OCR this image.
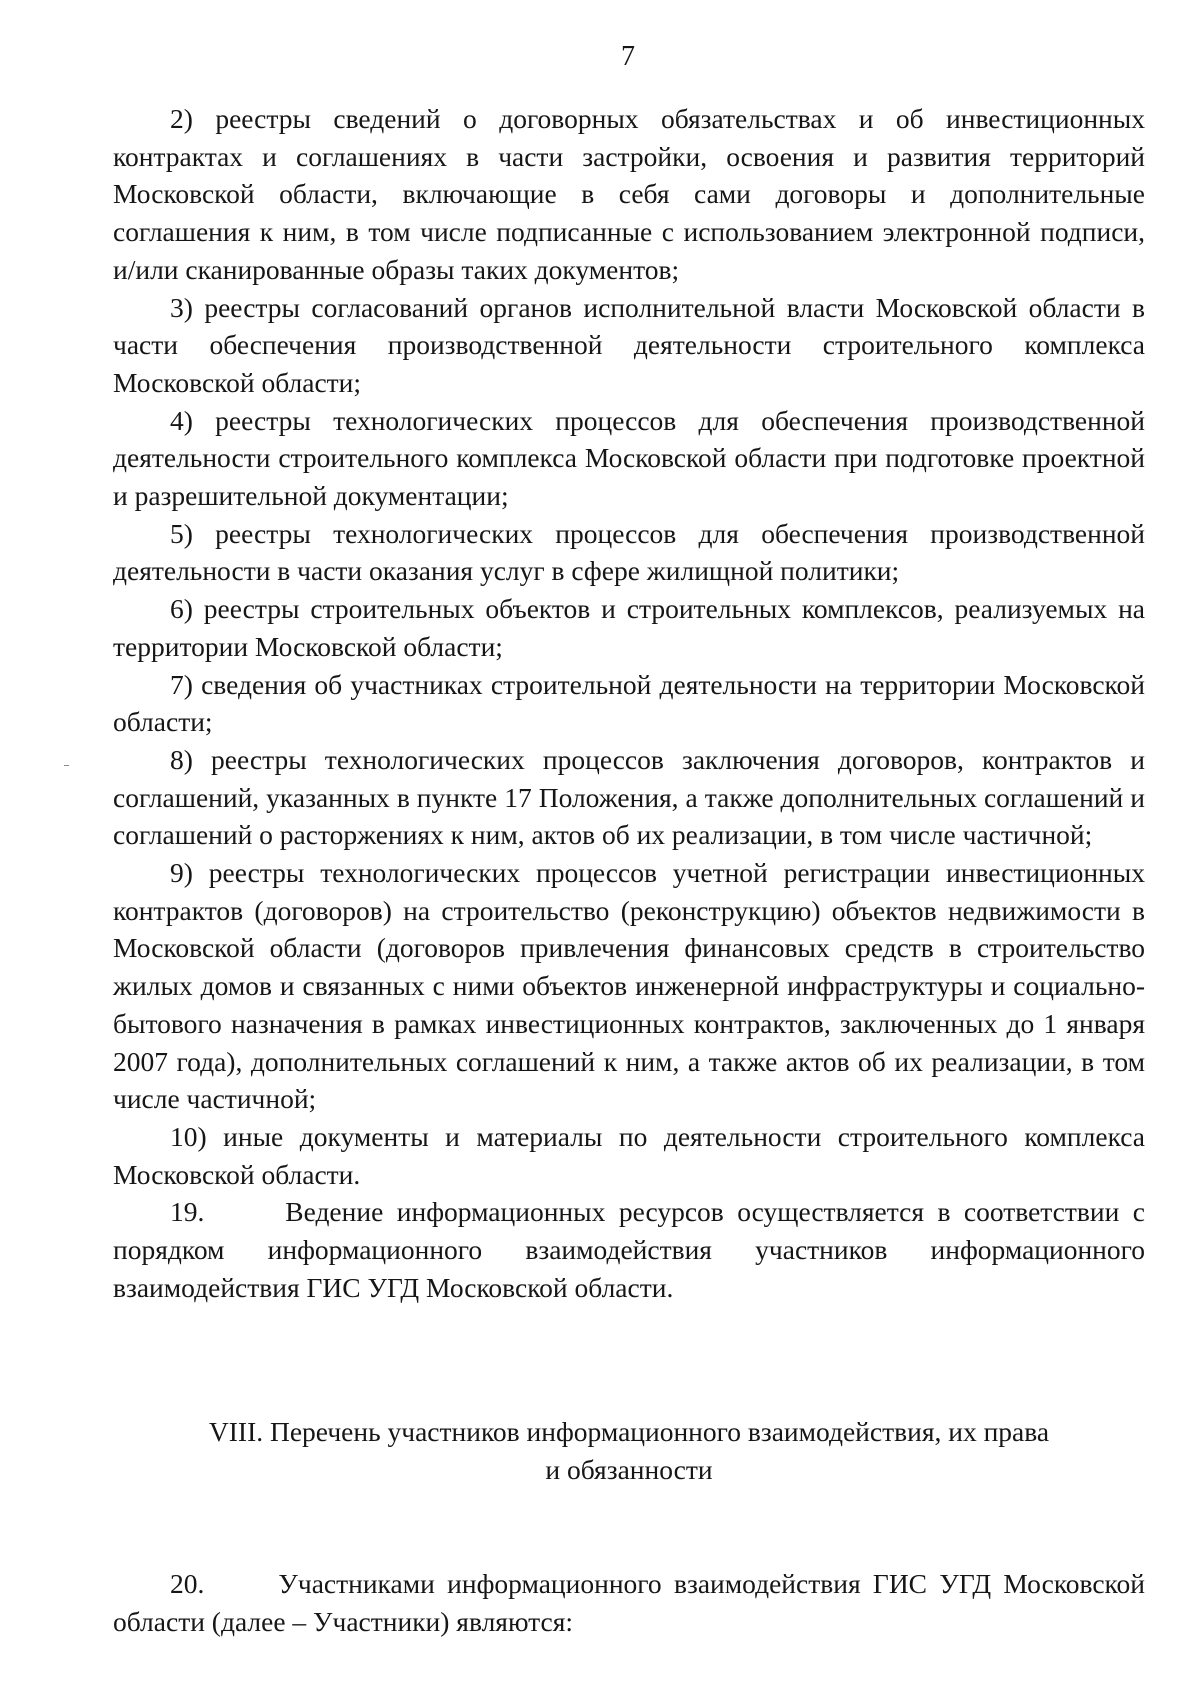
7

2) реестры сведений о договорных обязательствах и об инвестиционных контрактах и соглашениях в части застройки, освоения и развития территорий Московской области, включающие в себя сами договоры и дополнительные соглашения к ним, в том числе подписанные с использованием электронной подписи, и/или сканированные образы таких документов;

3) реестры согласований органов исполнительной власти Московской области в части обеспечения производственной деятельности строительного комплекса Московской области;

4) реестры технологических процессов для обеспечения производственной деятельности строительного комплекса Московской области при подготовке проектной и разрешительной документации;

5) реестры технологических процессов для обеспечения производственной деятельности в части оказания услуг в сфере жилищной политики;

6) реестры строительных объектов и строительных комплексов, реализуемых на территории Московской области;

7) сведения об участниках строительной деятельности на территории Московской области;

8) реестры технологических процессов заключения договоров, контрактов и соглашений, указанных в пункте 17 Положения, а также дополнительных соглашений и соглашений о расторжениях к ним, актов об их реализации, в том числе частичной;

9) реестры технологических процессов учетной регистрации инвестиционных контрактов (договоров) на строительство (реконструкцию) объектов недвижимости в Московской области (договоров привлечения финансовых средств в строительство жилых домов и связанных с ними объектов инженерной инфраструктуры и социально-бытового назначения в рамках инвестиционных контрактов, заключенных до 1 января 2007 года), дополнительных соглашений к ним, а также актов об их реализации, в том числе частичной;

10) иные документы и материалы по деятельности строительного комплекса Московской области.

19.      Ведение информационных ресурсов осуществляется в соответствии с порядком информационного взаимодействия участников информационного взаимодействия ГИС УГД Московской области.

VIII. Перечень участников информационного взаимодействия, их права
и обязанности

20.      Участниками информационного взаимодействия ГИС УГД Московской области (далее – Участники) являются:
